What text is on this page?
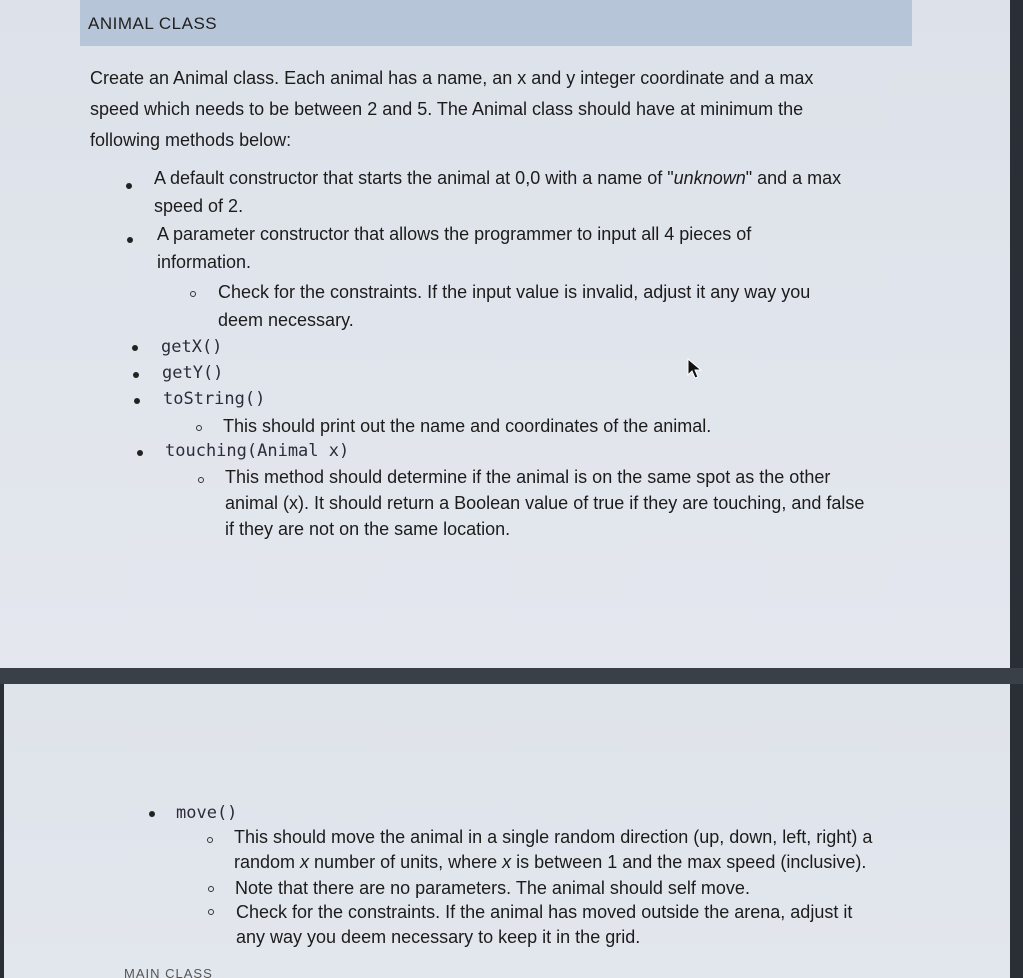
ANIMAL CLASS
Create an Animal class. Each animal has a name, an x and y integer coordinate and a max
speed which needs to be between 2 and 5. The Animal class should have at minimum the
following methods below:
A default constructor that starts the animal at 0,0 with a name of "unknown" and a max
speed of 2.
A parameter constructor that allows the programmer to input all 4 pieces of
information.
Check for the constraints. If the input value is invalid, adjust it any way you
deem necessary.
getX()
getY()
toString()
This should print out the name and coordinates of the animal.
touching(Animal x)
This method should determine if the animal is on the same spot as the other
animal (x). It should return a Boolean value of true if they are touching, and false
if they are not on the same location.
move()
This should move the animal in a single random direction (up, down, left, right) a
random x number of units, where x is between 1 and the max speed (inclusive).
Note that there are no parameters. The animal should self move.
Check for the constraints. If the animal has moved outside the arena, adjust it
any way you deem necessary to keep it in the grid.
MAIN CLASS
